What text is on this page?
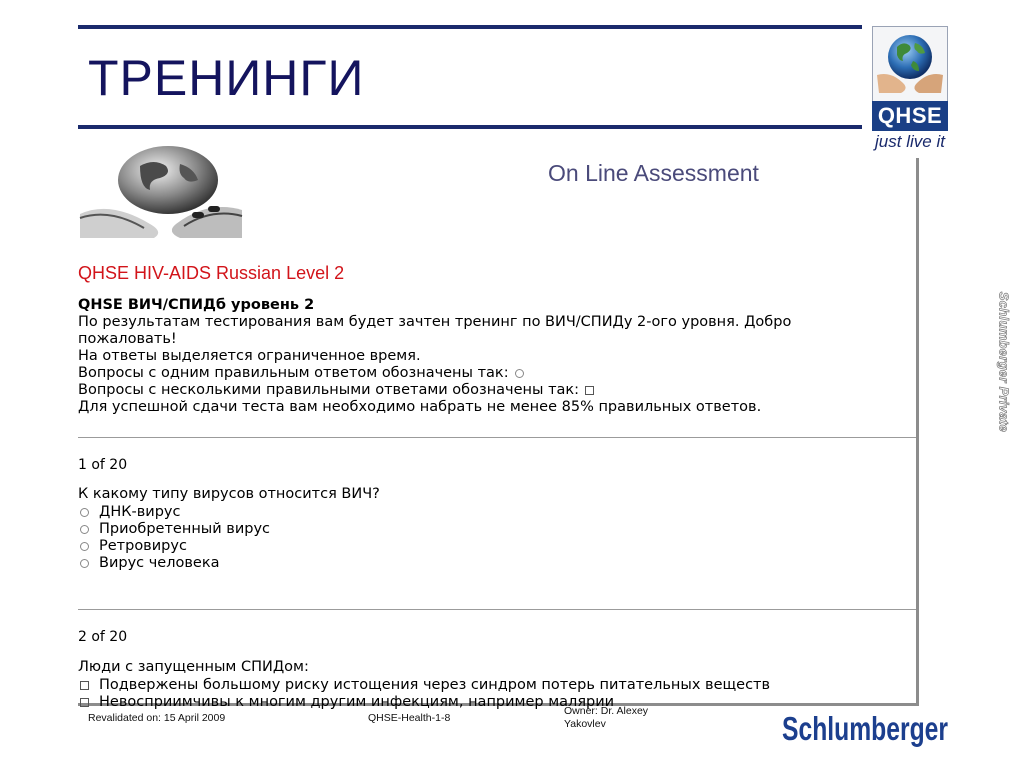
ТРЕНИНГИ
QHSE
just live it
On Line Assessment
QHSE HIV-AIDS Russian Level 2
QHSE ВИЧ/СПИДб уровень 2
По результатам тестирования вам будет зачтен тренинг по ВИЧ/СПИДу 2-ого уровня. Добро
пожаловать!
На ответы выделяется ограниченное время.
Вопросы с одним правильным ответом обозначены так:
Вопросы с несколькими правильными ответами обозначены так:
Для успешной сдачи теста вам необходимо набрать не менее 85% правильных ответов.
1 of 20
К какому типу вирусов относится ВИЧ?
ДНК-вирус
Приобретенный вирус
Ретровирус
Вирус человека
2 of 20
Люди с запущенным СПИДом:
Подвержены большому риску истощения через синдром потерь питательных веществ
Невосприимчивы к многим другим инфекциям, например малярии
Schlumberger Private
Revalidated on: 15 April 2009	QHSE-Health-1-8
Owner: Dr. Alexey Yakovlev	Schlumberger
